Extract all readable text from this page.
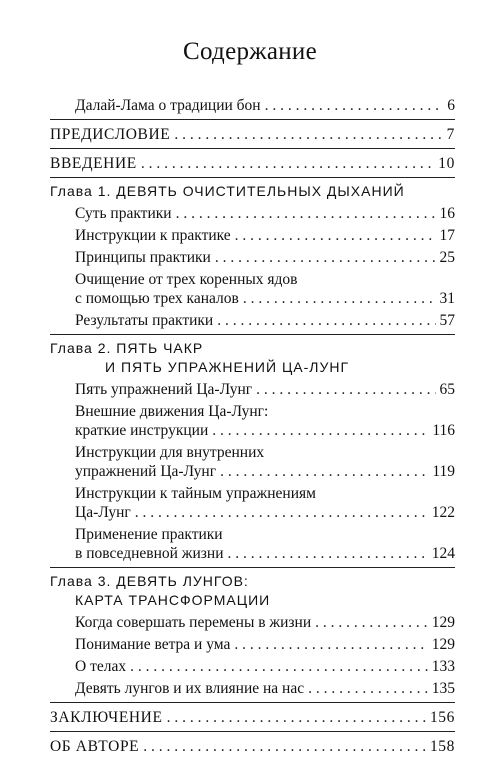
Содержание
Далай-Лама о традиции бон . . .	6
ПРЕДИСЛОВИЕ . . .	7
ВВЕДЕНИЕ . . .	10
Глава 1. ДЕВЯТЬ ОЧИСТИТЕЛЬНЫХ ДЫХАНИЙ
Суть практики . . .	16
Инструкции к практике . . .	17
Принципы практики . . .	25
Очищение от трех коренных ядов
с помощью трех каналов . . .	31
Результаты практики . . .	57
Глава 2. ПЯТЬ ЧАКР
И ПЯТЬ УПРАЖНЕНИЙ ЦА-ЛУНГ
Пять упражнений Ца-Лунг . . .	65
Внешние движения Ца-Лунг:
краткие инструкции . . .	116
Инструкции для внутренних
упражнений Ца-Лунг . . .	119
Инструкции к тайным упражнениям
Ца-Лунг . . .	122
Применение практики
в повседневной жизни . . .	124
Глава 3. ДЕВЯТЬ ЛУНГОВ:
КАРТА ТРАНСФОРМАЦИИ
Когда совершать перемены в жизни . . .	129
Понимание ветра и ума . . .	129
О телах . . .	133
Девять лунгов и их влияние на нас . . .	135
ЗАКЛЮЧЕНИЕ . . .	156
ОБ АВТОРЕ . . .	158
